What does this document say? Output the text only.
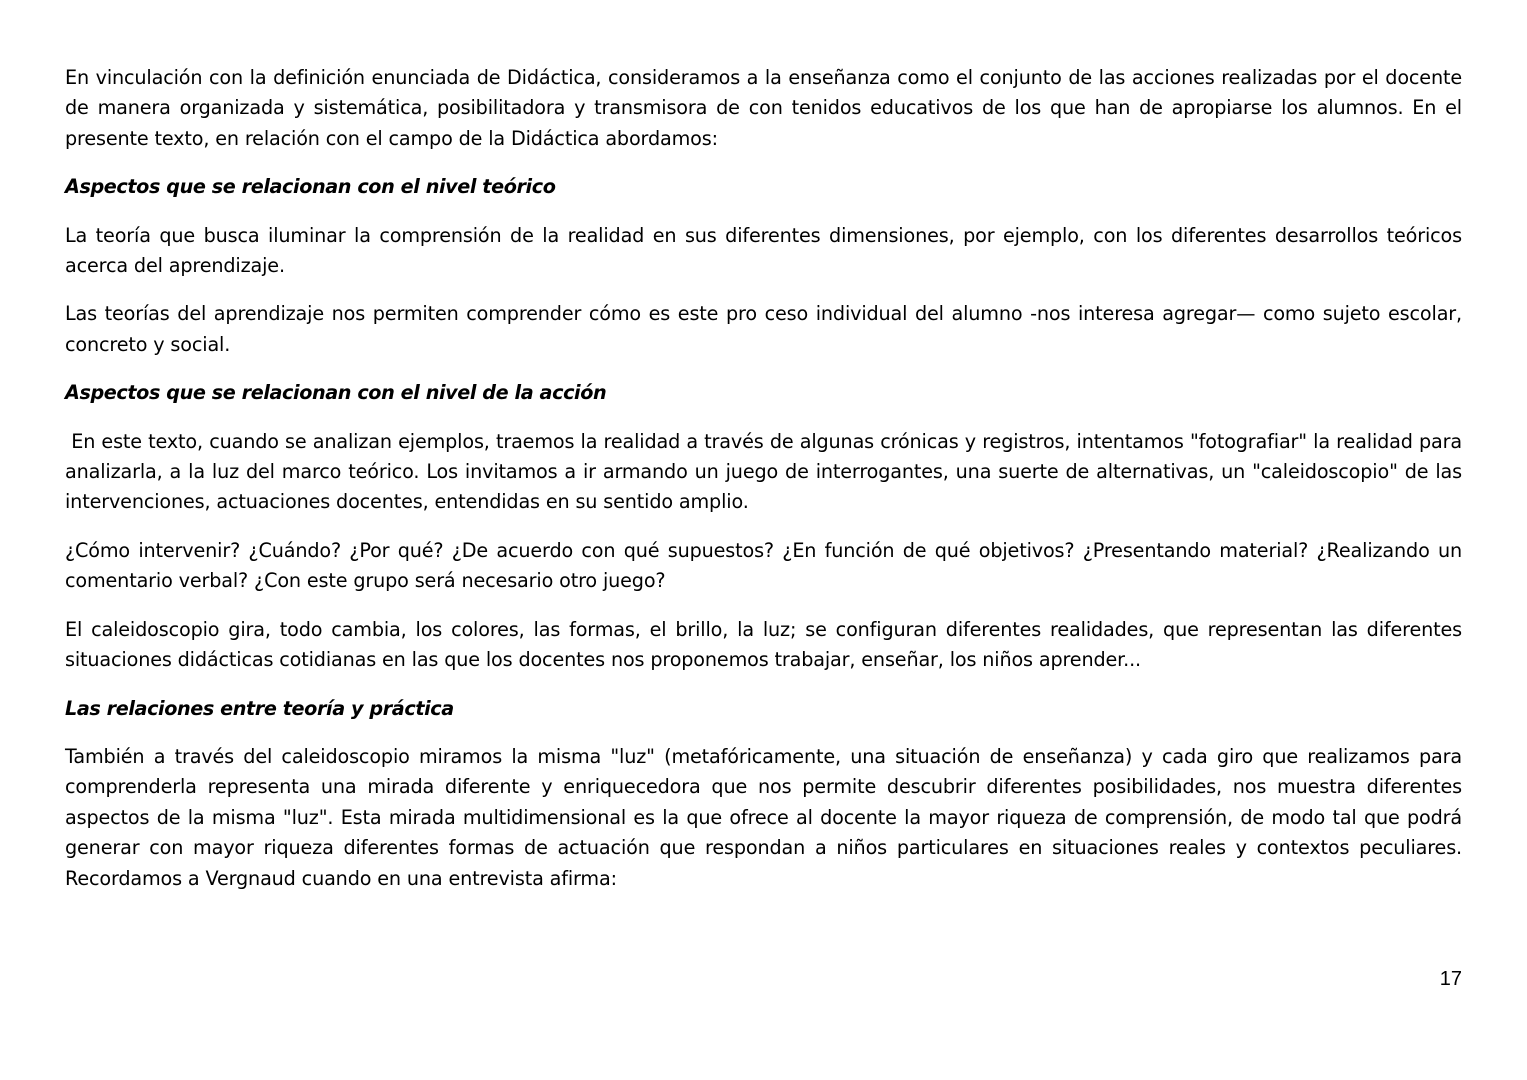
En vinculación con la definición enunciada de Didáctica, consideramos a la enseñanza como el conjunto de las acciones realizadas por el docente de manera organizada y sistemática, posibilitadora y transmisora de con tenidos educativos de los que han de apropiarse los alumnos. En el presente texto, en relación con el campo de la Didáctica abordamos:

Aspectos que se relacionan con el nivel teórico

La teoría que busca iluminar la comprensión de la realidad en sus diferentes dimensiones, por ejemplo, con los diferentes desarrollos teóricos acerca del aprendizaje.

Las teorías del aprendizaje nos permiten comprender cómo es este pro ceso individual del alumno -nos interesa agregar— como sujeto escolar, concreto y social.

Aspectos que se relacionan con el nivel de la acción

En este texto, cuando se analizan ejemplos, traemos la realidad a través de algunas crónicas y registros, intentamos "fotografiar" la realidad para analizarla, a la luz del marco teórico. Los invitamos a ir armando un juego de interrogantes, una suerte de alternativas, un "caleidoscopio" de las intervenciones, actuaciones docentes, entendidas en su sentido amplio.

¿Cómo intervenir? ¿Cuándo? ¿Por qué? ¿De acuerdo con qué supuestos? ¿En función de qué objetivos? ¿Presentando material? ¿Realizando un comentario verbal? ¿Con este grupo será necesario otro juego?

El caleidoscopio gira, todo cambia, los colores, las formas, el brillo, la luz; se configuran diferentes realidades, que representan las diferentes situaciones didácticas cotidianas en las que los docentes nos proponemos trabajar, enseñar, los niños aprender...

Las relaciones entre teoría y práctica

También a través del caleidoscopio miramos la misma "luz" (metafóricamente, una situación de enseñanza) y cada giro que realizamos para comprenderla representa una mirada diferente y enriquecedora que nos permite descubrir diferentes posibilidades, nos muestra diferentes aspectos de la misma "luz". Esta mirada multidimensional es la que ofrece al docente la mayor riqueza de comprensión, de modo tal que podrá generar con mayor riqueza diferentes formas de actuación que respondan a niños particulares en situaciones reales y contextos peculiares. Recordamos a Vergnaud cuando en una entrevista afirma:

17
